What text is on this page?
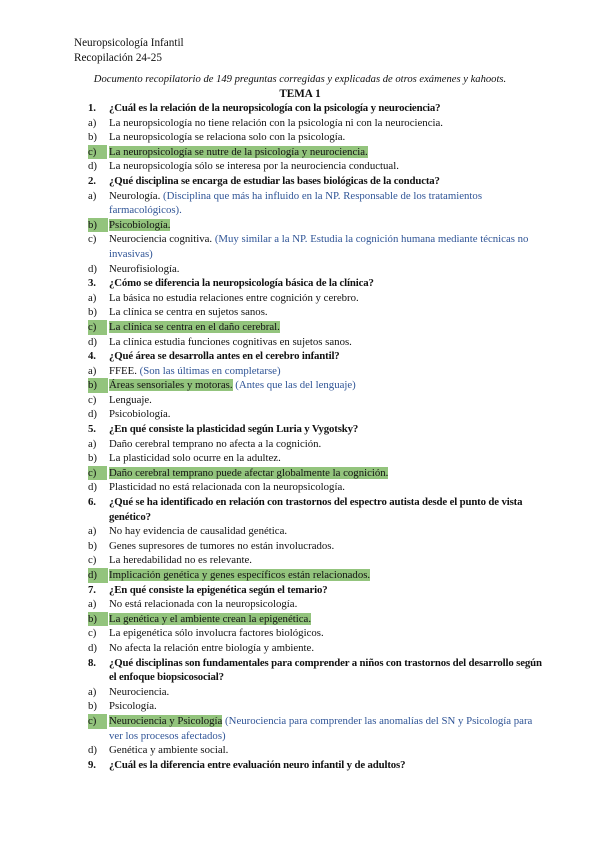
Neuropsicología Infantil
Recopilación 24-25
Documento recopilatorio de 149 preguntas corregidas y explicadas de otros exámenes y kahoots.
TEMA 1
1. ¿Cuál es la relación de la neuropsicología con la psicología y neurociencia?
a) La neuropsicología no tiene relación con la psicología ni con la neurociencia.
b) La neuropsicología se relaciona solo con la psicología.
c)	La neuropsicología se nutre de la psicología y neurociencia.
d) La neuropsicología sólo se interesa por la neurociencia conductual.
2. ¿Qué disciplina se encarga de estudiar las bases biológicas de la conducta?
a) Neurología. (Disciplina que más ha influido en la NP. Responsable de los tratamientos farmacológicos).
b)	Psicobiología.
c) Neurociencia cognitiva. (Muy similar a la NP. Estudia la cognición humana mediante técnicas no invasivas)
d) Neurofisiología.
3. ¿Cómo se diferencia la neuropsicología básica de la clínica?
a) La básica no estudia relaciones entre cognición y cerebro.
b) La clínica se centra en sujetos sanos.
c)	La clínica se centra en el daño cerebral.
d) La clínica estudia funciones cognitivas en sujetos sanos.
4. ¿Qué área se desarrolla antes en el cerebro infantil?
a) FFEE. (Son las últimas en completarse)
b)	Áreas sensoriales y motoras. (Antes que las del lenguaje)
c) Lenguaje.
d) Psicobiología.
5. ¿En qué consiste la plasticidad según Luria y Vygotsky?
a) Daño cerebral temprano no afecta a la cognición.
b) La plasticidad solo ocurre en la adultez.
c)	Daño cerebral temprano puede afectar globalmente la cognición.
d) Plasticidad no está relacionada con la neuropsicología.
6. ¿Qué se ha identificado en relación con trastornos del espectro autista desde el punto de vista genético?
a) No hay evidencia de causalidad genética.
b) Genes supresores de tumores no están involucrados.
c) La heredabilidad no es relevante.
d)	Implicación genética y genes específicos están relacionados.
7. ¿En qué consiste la epigenética según el temario?
a) No está relacionada con la neuropsicología.
b)	La genética y el ambiente crean la epigenética.
c) La epigenética sólo involucra factores biológicos.
d) No afecta la relación entre biología y ambiente.
8. ¿Qué disciplinas son fundamentales para comprender a niños con trastornos del desarrollo según el enfoque biopsicosocial?
a) Neurociencia.
b) Psicología.
c)	Neurociencia y Psicología (Neurociencia para comprender las anomalías del SN y Psicología para ver los procesos afectados)
d) Genética y ambiente social.
9. ¿Cuál es la diferencia entre evaluación neuro infantil y de adultos?
